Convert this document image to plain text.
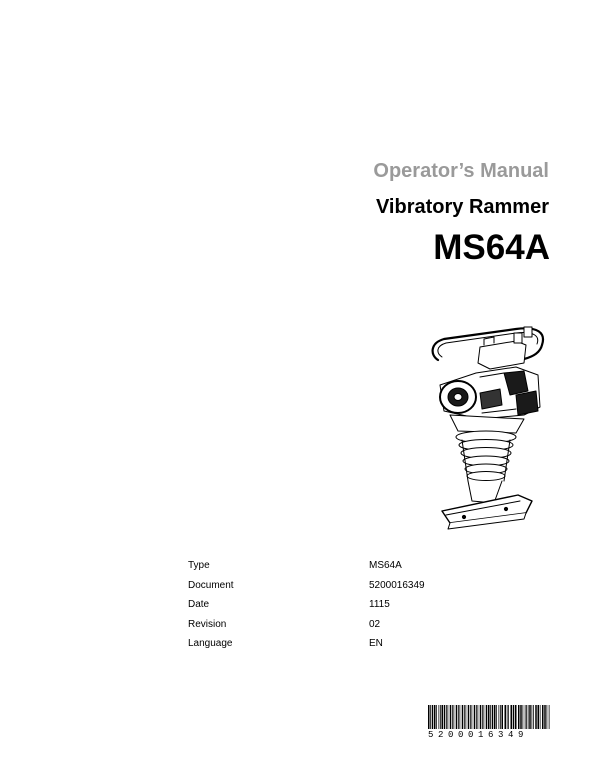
Operator’s Manual
Vibratory Rammer
MS64A
Type	MS64A
Document	5200016349
Date	1115
Revision	02
Language	EN
5200016349
